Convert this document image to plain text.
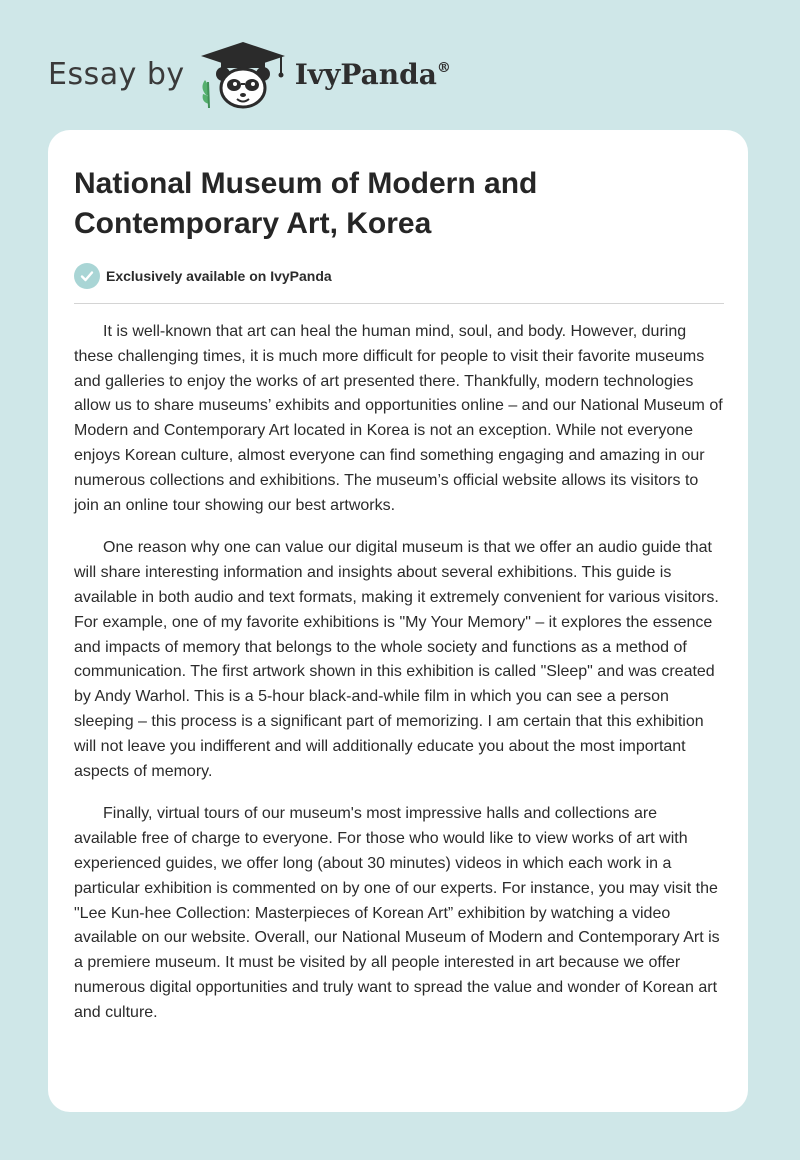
Essay by	IvyPanda®
National Museum of Modern and Contemporary Art, Korea
Exclusively available on IvyPanda

It is well-known that art can heal the human mind, soul, and body. However, during these challenging times, it is much more difficult for people to visit their favorite museums and galleries to enjoy the works of art presented there. Thankfully, modern technologies allow us to share museums’ exhibits and opportunities online – and our National Museum of Modern and Contemporary Art located in Korea is not an exception. While not everyone enjoys Korean culture, almost everyone can find something engaging and amazing in our numerous collections and exhibitions. The museum’s official website allows its visitors to join an online tour showing our best artworks.

One reason why one can value our digital museum is that we offer an audio guide that will share interesting information and insights about several exhibitions. This guide is available in both audio and text formats, making it extremely convenient for various visitors. For example, one of my favorite exhibitions is "My Your Memory" – it explores the essence and impacts of memory that belongs to the whole society and functions as a method of communication. The first artwork shown in this exhibition is called "Sleep" and was created by Andy Warhol. This is a 5-hour black-and-while film in which you can see a person sleeping – this process is a significant part of memorizing. I am certain that this exhibition will not leave you indifferent and will additionally educate you about the most important aspects of memory.

Finally, virtual tours of our museum's most impressive halls and collections are available free of charge to everyone. For those who would like to view works of art with experienced guides, we offer long (about 30 minutes) videos in which each work in a particular exhibition is commented on by one of our experts. For instance, you may visit the "Lee Kun-hee Collection: Masterpieces of Korean Art” exhibition by watching a video available on our website. Overall, our National Museum of Modern and Contemporary Art is a premiere museum. It must be visited by all people interested in art because we offer numerous digital opportunities and truly want to spread the value and wonder of Korean art and culture.
